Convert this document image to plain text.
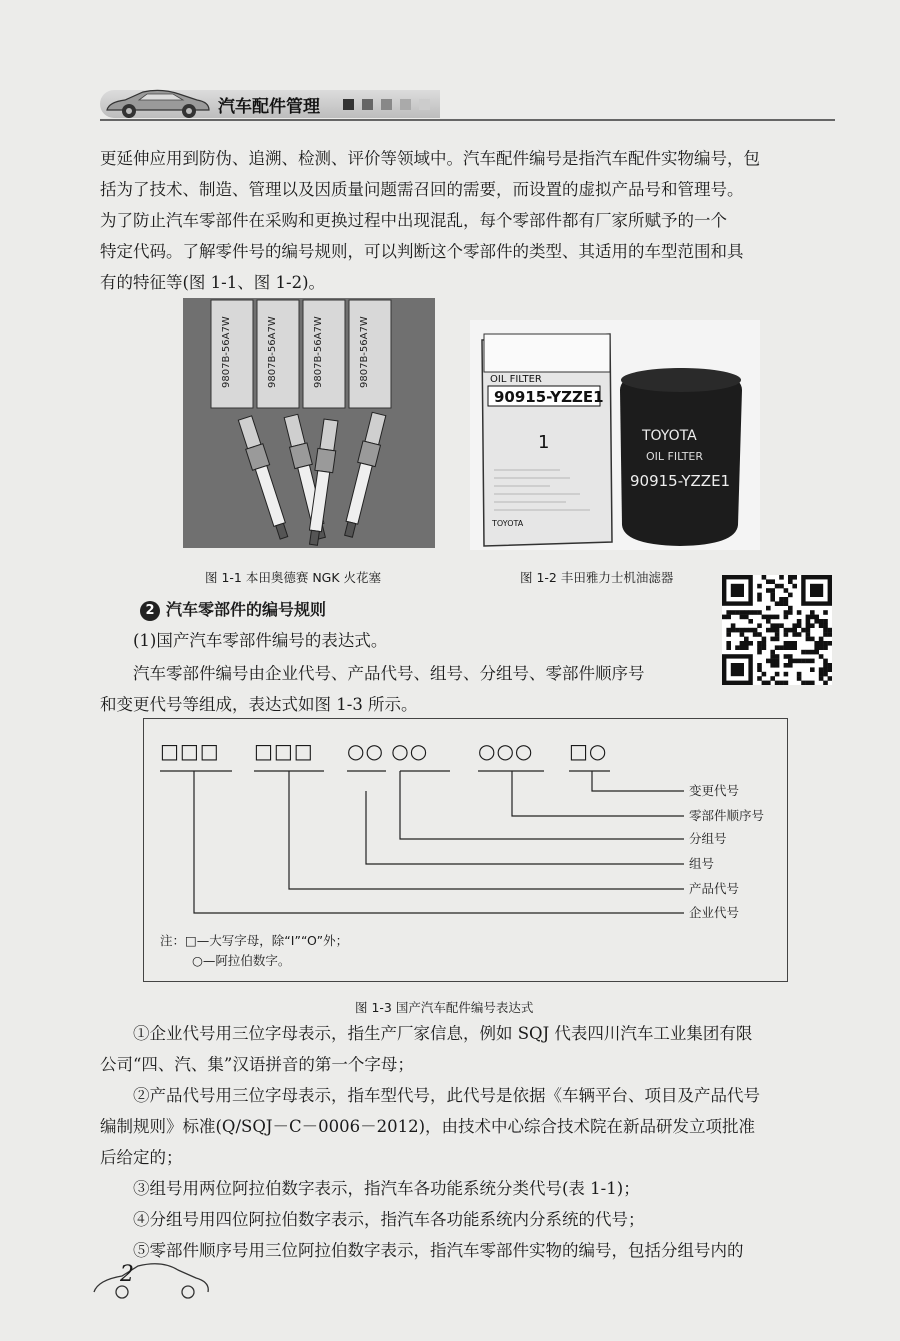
汽车配件管理

更延伸应用到防伪、追溯、检测、评价等领域中。汽车配件编号是指汽车配件实物编号，包

括为了技术、制造、管理以及因质量问题需召回的需要，而设置的虚拟产品号和管理号。

为了防止汽车零部件在采购和更换过程中出现混乱，每个零部件都有厂家所赋予的一个

特定代码。了解零件号的编号规则，可以判断这个零部件的类型、其适用的车型范围和具

有的特征等(图 1-1、图 1-2)。

9807B-56A7W	9807B-56A7W	9807B-56A7W	9807B-56A7W	OIL FILTER
90915-YZZE1
1
TOYOTA
TOYOTA
OIL FILTER
90915-YZZE1
图 1-1 本田奥德赛 NGK 火花塞	图 1-2 丰田雅力士机油滤器
2 汽车零部件的编号规则

(1)国产汽车零部件编号的表达式。

汽车零部件编号由企业代号、产品代号、组号、分组号、零部件顺序号

和变更代号等组成，表达式如图 1-3 所示。

□□□ □□□ ○○ ○○ ○○○ □○
变更代号
零部件顺序号
分组号
组号
产品代号
企业代号
注：□—大写字母，除“I”“O”外；
○—阿拉伯数字。
图 1-3 国产汽车配件编号表达式

①企业代号用三位字母表示，指生产厂家信息，例如 SQJ 代表四川汽车工业集团有限

公司“四、汽、集”汉语拼音的第一个字母；

②产品代号用三位字母表示，指车型代号，此代号是依据《车辆平台、项目及产品代号

编制规则》标准(Q/SQJ－C－0006－2012)，由技术中心综合技术院在新品研发立项批准

后给定的；

③组号用两位阿拉伯数字表示，指汽车各功能系统分类代号(表 1-1)；

④分组号用四位阿拉伯数字表示，指汽车各功能系统内分系统的代号；

⑤零部件顺序号用三位阿拉伯数字表示，指汽车零部件实物的编号，包括分组号内的

2
